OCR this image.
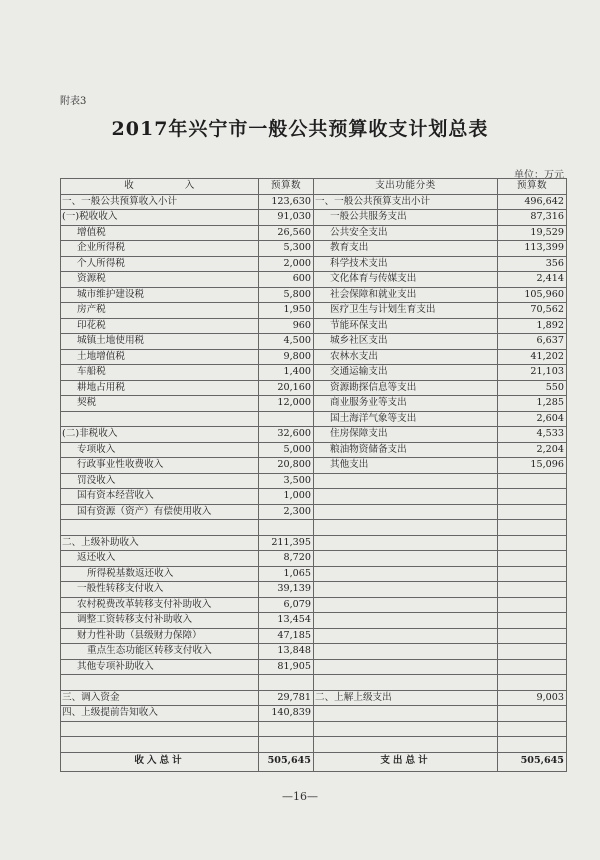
附表3
2017年兴宁市一般公共预算收支计划总表
单位：万元
收　　　　　入	预算数	支出功能分类	预算数
一、一般公共预算收入小计	123,630	一、一般公共预算支出小计	496,642
(一)税收收入	91,030	一般公共服务支出	87,316
增值税	26,560	公共安全支出	19,529
企业所得税	5,300	教育支出	113,399
个人所得税	2,000	科学技术支出	356
资源税	600	文化体育与传媒支出	2,414
城市维护建设税	5,800	社会保障和就业支出	105,960
房产税	1,950	医疗卫生与计划生育支出	70,562
印花税	960	节能环保支出	1,892
城镇土地使用税	4,500	城乡社区支出	6,637
土地增值税	9,800	农林水支出	41,202
车船税	1,400	交通运输支出	21,103
耕地占用税	20,160	资源勘探信息等支出	550
契税	12,000	商业服务业等支出	1,285
		国土海洋气象等支出	2,604
(二)非税收入	32,600	住房保障支出	4,533
专项收入	5,000	粮油物资储备支出	2,204
行政事业性收费收入	20,800	其他支出	15,096
罚没收入	3,500		
国有资本经营收入	1,000		
国有资源（资产）有偿使用收入	2,300		

二、上级补助收入	211,395		
返还收入	8,720		
所得税基数返还收入	1,065		
一般性转移支付收入	39,139		
农村税费改革转移支付补助收入	6,079		
调整工资转移支付补助收入	13,454		
财力性补助（县级财力保障）	47,185		
重点生态功能区转移支付收入	13,848		
其他专项补助收入	81,905		

三、调入资金	29,781	二、上解上级支出	9,003
四、上级提前告知收入	140,839		

收入总计	505,645	支出总计	505,645
—16—
